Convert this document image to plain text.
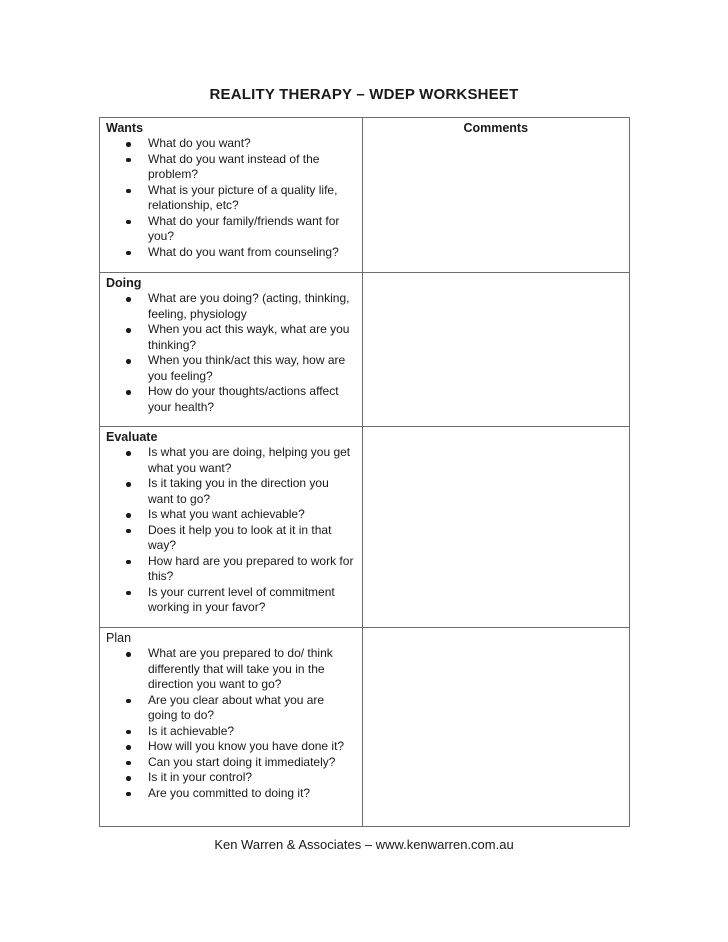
REALITY THERAPY – WDEP WORKSHEET
Wants
What do you want?
What do you want instead of the problem?
What is your picture of a quality life, relationship, etc?
What do your family/friends want for you?
What do you want from counseling?
Comments
Doing
What are you doing? (acting, thinking, feeling, physiology
When you act this wayk, what are you thinking?
When you think/act this way, how are you feeling?
How do your thoughts/actions affect your health?
Evaluate
Is what you are doing, helping you get what you want?
Is it taking you in the direction you want to go?
Is what you want achievable?
Does it help you to look at it in that way?
How hard are you prepared to work for this?
Is your current level of commitment working in your favor?
Plan
What are you prepared to do/ think differently that will take you in the direction you want to go?
Are you clear about what you are going to do?
Is it achievable?
How will you know you have done it?
Can you start doing it immediately?
Is it in your control?
Are you committed to doing it?
Ken Warren & Associates – www.kenwarren.com.au
